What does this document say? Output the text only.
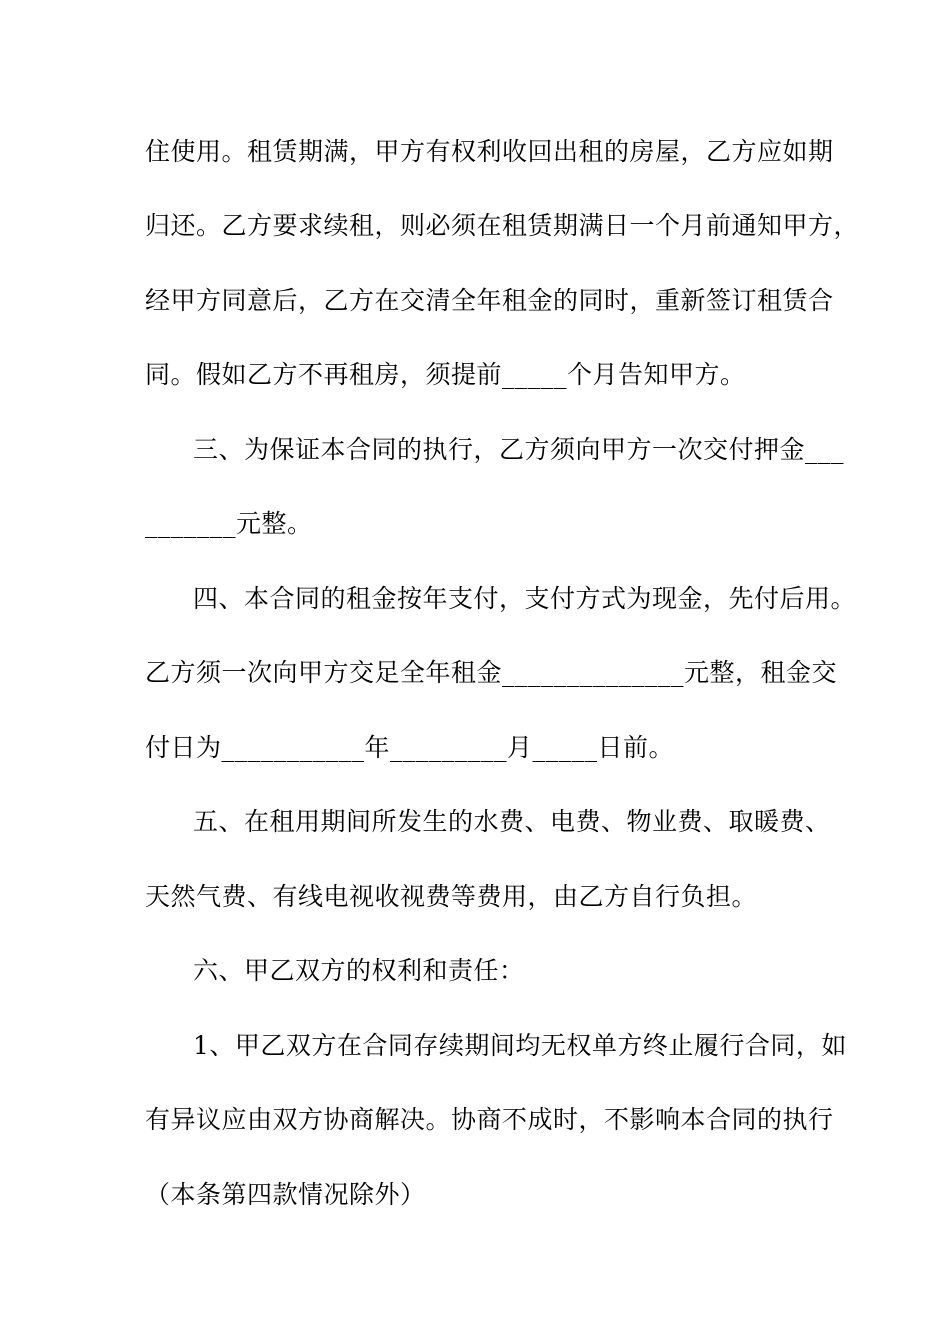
住使用。租赁期满，甲方有权利收回出租的房屋，乙方应如期
归还。乙方要求续租，则必须在租赁期满日一个月前通知甲方，
经甲方同意后，乙方在交清全年租金的同时，重新签订租赁合
同。假如乙方不再租房，须提前_____个月告知甲方。
三、为保证本合同的执行，乙方须向甲方一次交付押金___
_______元整。
四、本合同的租金按年支付，支付方式为现金，先付后用。
乙方须一次向甲方交足全年租金______________元整，租金交
付日为___________年_________月_____日前。
五、在租用期间所发生的水费、电费、物业费、取暖费、
天然气费、有线电视收视费等费用，由乙方自行负担。
六、甲乙双方的权利和责任：
1、甲乙双方在合同存续期间均无权单方终止履行合同，如
有异议应由双方协商解决。协商不成时，不影响本合同的执行
（本条第四款情况除外）
